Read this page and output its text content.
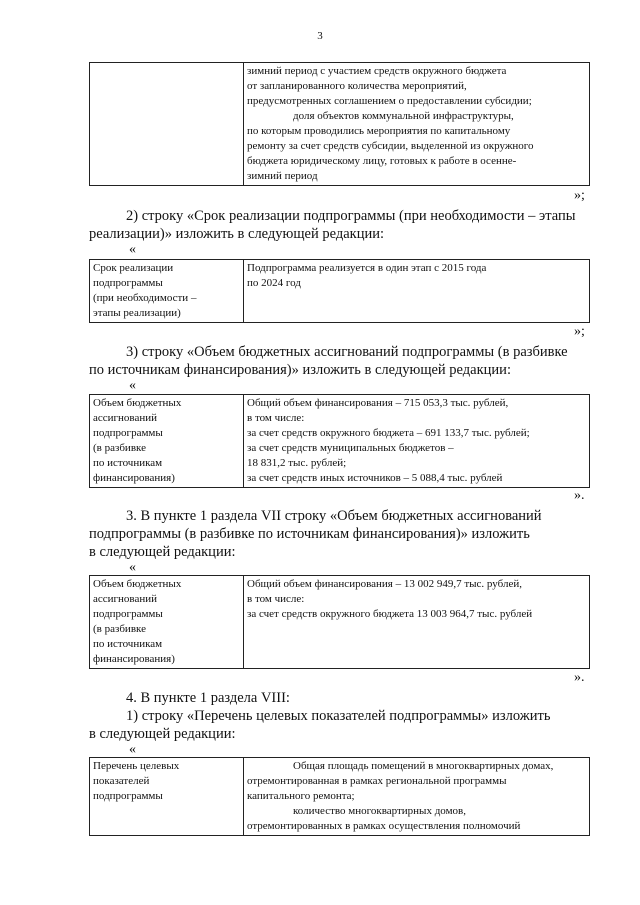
3

зимний период с участием средств окружного бюджета
от запланированного количества мероприятий,
предусмотренных соглашением о предоставлении субсидии;
доля объектов коммунальной инфраструктуры,
по которым проводились мероприятия по капитальному
ремонту за счет средств субсидии, выделенной из окружного
бюджета юридическому лицу, готовых к работе в осенне-
зимний период
»;
2) строку «Срок реализации подпрограммы (при необходимости – этапы
реализации)» изложить в следующей редакции:
«
Срок реализации
подпрограммы
(при необходимости –
этапы реализации)

Подпрограмма реализуется в один этап с 2015 года
по 2024 год
»;
3) строку «Объем бюджетных ассигнований подпрограммы (в разбивке
по источникам финансирования)» изложить в следующей редакции:
«
Объем бюджетных
ассигнований
подпрограммы
(в разбивке
по источникам
финансирования)

Общий объем финансирования – 715 053,3 тыс. рублей,
в том числе:
за счет средств окружного бюджета – 691 133,7 тыс. рублей;
за счет средств муниципальных бюджетов –
18 831,2 тыс. рублей;
за счет средств иных источников – 5 088,4 тыс. рублей
».
3. В пункте 1 раздела VII строку «Объем бюджетных ассигнований
подпрограммы (в разбивке по источникам финансирования)» изложить
в следующей редакции:
«
Объем бюджетных
ассигнований
подпрограммы
(в разбивке
по источникам
финансирования)

Общий объем финансирования – 13 002 949,7 тыс. рублей,
в том числе:
за счет средств окружного бюджета 13 003 964,7 тыс. рублей
».
4. В пункте 1 раздела VIII:
1) строку «Перечень целевых показателей подпрограммы» изложить
в следующей редакции:
«
Перечень целевых
показателей
подпрограммы

Общая площадь помещений в многоквартирных домах,
отремонтированная в рамках региональной программы
капитального ремонта;
количество многоквартирных домов,
отремонтированных в рамках осуществления полномочий
